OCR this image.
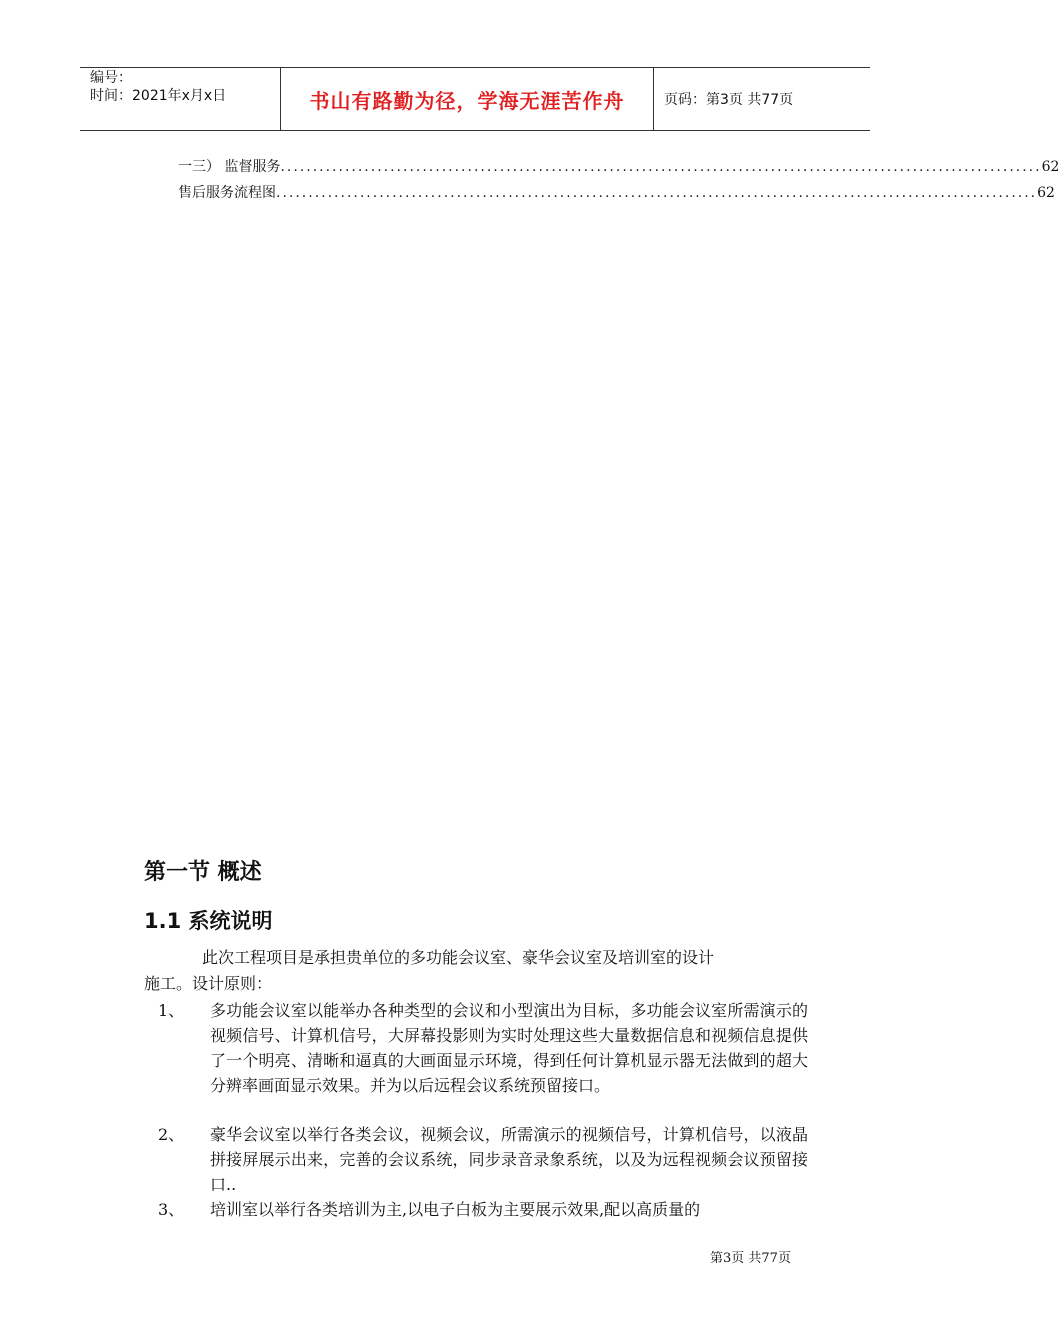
编号：
时间：2021年x月x日	书山有路勤为径，学海无涯苦作舟	页码：第3页 共77页
一三） 监督服务 ...................................................................................................................... 62
售后服务流程图 ...................................................................................................................... 62
第一节 概述
1.1 系统说明
此次工程项目是承担贵单位的多功能会议室、豪华会议室及培训室的设计
施工。设计原则：
1、 多功能会议室以能举办各种类型的会议和小型演出为目标，多功能会议室所需演示的视频信号、计算机信号，大屏幕投影则为实时处理这些大量数据信息和视频信息提供了一个明亮、清晰和逼真的大画面显示环境，得到任何计算机显示器无法做到的超大分辨率画面显示效果。并为以后远程会议系统预留接口。
2、 豪华会议室以举行各类会议，视频会议，所需演示的视频信号，计算机信号，以液晶拼接屏展示出来，完善的会议系统，同步录音录象系统，以及为远程视频会议预留接口..
3、 培训室以举行各类培训为主,以电子白板为主要展示效果,配以高质量的
第3页 共77页
